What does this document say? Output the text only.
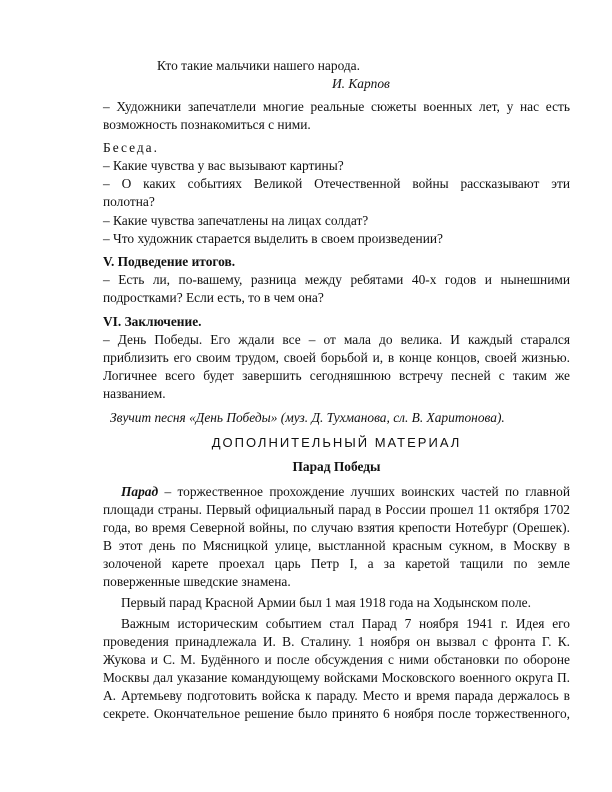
Кто такие мальчики нашего народа.
И. Карпов
– Художники запечатлели многие реальные сюжеты военных лет, у нас есть
возможность познакомиться с ними.
Беседа.
– Какие чувства у вас вызывают картины?
– О каких событиях Великой Отечественной войны рассказывают эти
полотна?
– Какие чувства запечатлены на лицах солдат?
– Что художник старается выделить в своем произведении?
V. Подведение итогов.
– Есть ли, по-вашему, разница между ребятами 40-х годов и нынешними
подростками? Если есть, то в чем она?
VI. Заключение.
– День Победы. Его ждали все – от мала до велика. И каждый старался
приблизить его своим трудом, своей борьбой и, в конце концов, своей жизнью.
Логичнее всего будет завершить сегодняшнюю встречу песней с таким же
названием.
Звучит песня «День Победы» (муз. Д. Тухманова, сл. В. Харитонова).
ДОПОЛНИТЕЛЬНЫЙ МАТЕРИАЛ
Парад Победы
Парад – торжественное прохождение лучших воинских частей по главной
площади страны. Первый официальный парад в России прошел 11 октября 1702
года, во время Северной войны, по случаю взятия крепости Нотебург (Орешек).
В этот день по Мясницкой улице, выстланной красным сукном, в Москву в
золоченой карете проехал царь Петр I, а за каретой тащили по земле
поверженные шведские знамена.
Первый парад Красной Армии был 1 мая 1918 года на Ходынском поле.
Важным историческим событием стал Парад 7 ноября 1941 г. Идея его
проведения принадлежала И. В. Сталину. 1 ноября он вызвал с фронта Г. К.
Жукова и С. М. Будённого и после обсуждения с ними обстановки по обороне
Москвы дал указание командующему войсками Московского военного округа П.
А. Артемьеву подготовить войска к параду. Место и время парада держалось в
секрете. Окончательное решение было принято 6 ноября после торжественного,
